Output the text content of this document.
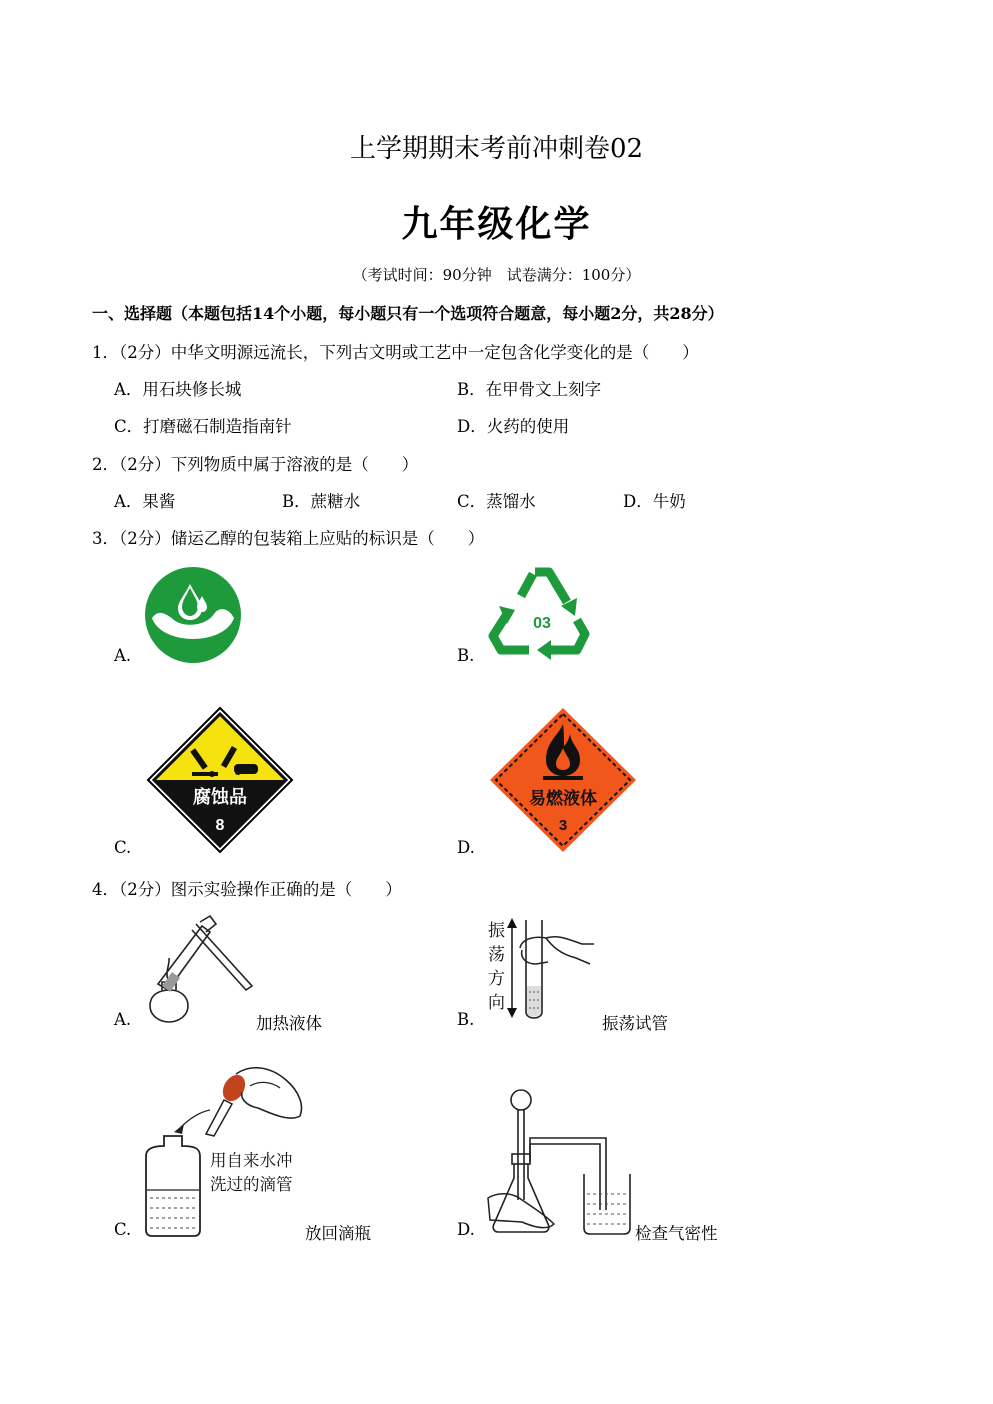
上学期期末考前冲刺卷02
九年级化学
（考试时间：90分钟　试卷满分：100分）
一、选择题（本题包括14个小题，每小题只有一个选项符合题意，每小题2分，共28分）
1．（2分）中华文明源远流长，下列古文明或工艺中一定包含化学变化的是（　　）
A．用石块修长城	B．在甲骨文上刻字
C．打磨磁石制造指南针	D．火药的使用
2．（2分）下列物质中属于溶液的是（　　）
A．果酱	B．蔗糖水	C．蒸馏水	D．牛奶
3．（2分）储运乙醇的包装箱上应贴的标识是（　　）
A.	B.
03
C.
腐蚀品
8
D.
易燃液体
3
4．（2分）图示实验操作正确的是（　　）
A.	加热液体	B.
振
荡
方
向
振荡试管
C.
用自来水冲
洗过的滴管
放回滴瓶	D.	检查气密性
